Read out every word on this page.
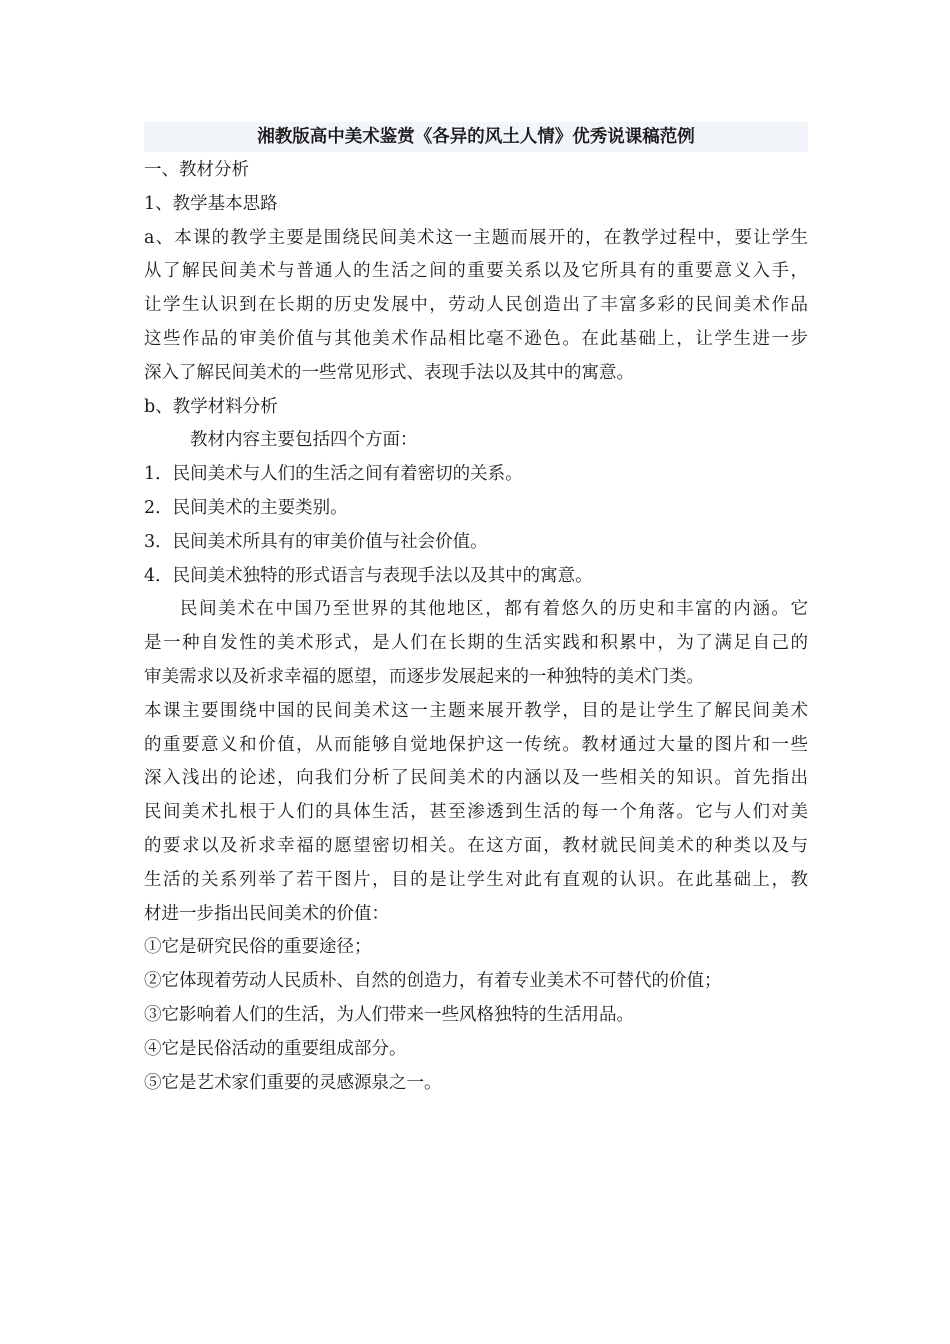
湘教版高中美术鉴赏《各异的风土人情》优秀说课稿范例
一、教材分析
1、教学基本思路
a、本课的教学主要是围绕民间美术这一主题而展开的，在教学过程中，要让学生
从了解民间美术与普通人的生活之间的重要关系以及它所具有的重要意义入手，
让学生认识到在长期的历史发展中，劳动人民创造出了丰富多彩的民间美术作品
这些作品的审美价值与其他美术作品相比毫不逊色。在此基础上，让学生进一步
深入了解民间美术的一些常见形式、表现手法以及其中的寓意。
b、教学材料分析
教材内容主要包括四个方面：
1．民间美术与人们的生活之间有着密切的关系。
2．民间美术的主要类别。
3．民间美术所具有的审美价值与社会价值。
4．民间美术独特的形式语言与表现手法以及其中的寓意。
民间美术在中国乃至世界的其他地区，都有着悠久的历史和丰富的内涵。它
是一种自发性的美术形式，是人们在长期的生活实践和积累中，为了满足自己的
审美需求以及祈求幸福的愿望，而逐步发展起来的一种独特的美术门类。
本课主要围绕中国的民间美术这一主题来展开教学，目的是让学生了解民间美术
的重要意义和价值，从而能够自觉地保护这一传统。教材通过大量的图片和一些
深入浅出的论述，向我们分析了民间美术的内涵以及一些相关的知识。首先指出
民间美术扎根于人们的具体生活，甚至渗透到生活的每一个角落。它与人们对美
的要求以及祈求幸福的愿望密切相关。在这方面，教材就民间美术的种类以及与
生活的关系列举了若干图片，目的是让学生对此有直观的认识。在此基础上，教
材进一步指出民间美术的价值：
①它是研究民俗的重要途径；
②它体现着劳动人民质朴、自然的创造力，有着专业美术不可替代的价值；
③它影响着人们的生活，为人们带来一些风格独特的生活用品。
④它是民俗活动的重要组成部分。
⑤它是艺术家们重要的灵感源泉之一。
